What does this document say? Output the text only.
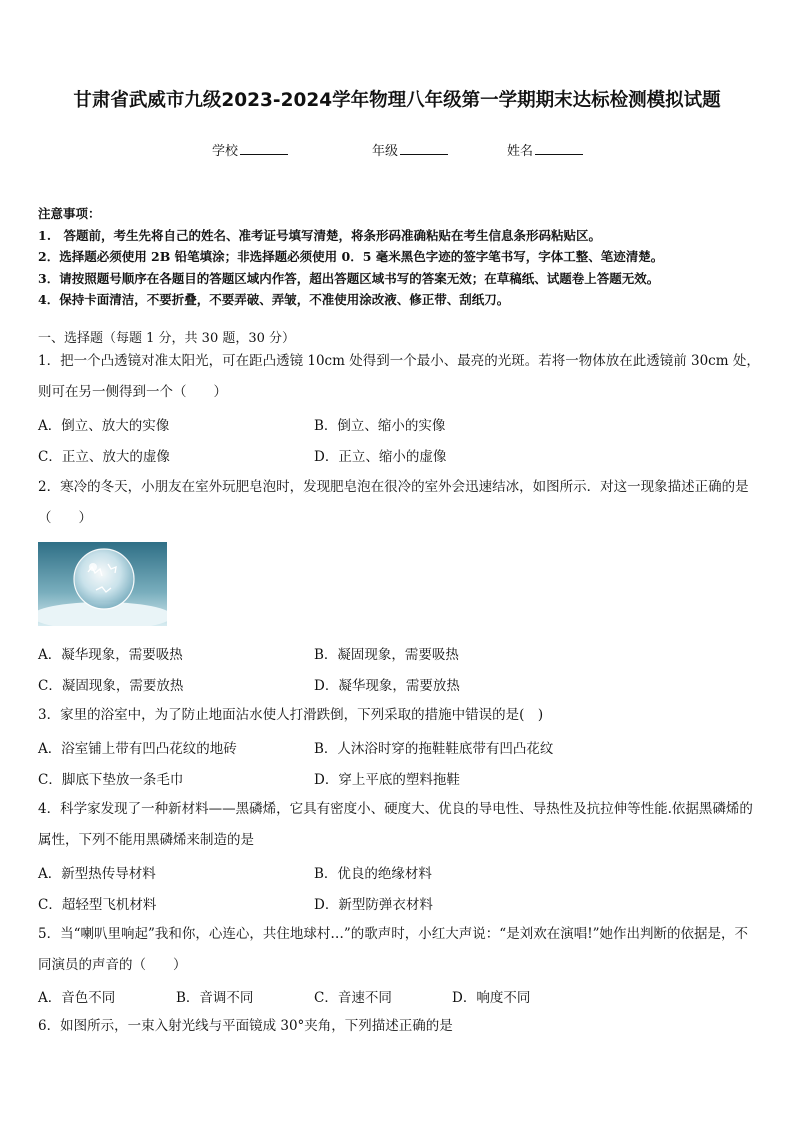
甘肃省武威市九级2023-2024学年物理八年级第一学期期末达标检测模拟试题
学校	年级	姓名
注意事项：
1.　答题前，考生先将自己的姓名、准考证号填写清楚，将条形码准确粘贴在考生信息条形码粘贴区。
2．选择题必须使用 2B 铅笔填涂；非选择题必须使用 0．5 毫米黑色字迹的签字笔书写，字体工整、笔迹清楚。
3．请按照题号顺序在各题目的答题区域内作答，超出答题区域书写的答案无效；在草稿纸、试题卷上答题无效。
4．保持卡面清洁，不要折叠，不要弄破、弄皱，不准使用涂改液、修正带、刮纸刀。
一、选择题（每题 1 分，共 30 题，30 分）
1．把一个凸透镜对准太阳光，可在距凸透镜 10cm 处得到一个最小、最亮的光斑。若将一物体放在此透镜前 30cm 处，则可在另一侧得到一个（　　）
A．倒立、放大的实像	B．倒立、缩小的实像
C．正立、放大的虚像	D．正立、缩小的虚像
2．寒冷的冬天，小朋友在室外玩肥皂泡时，发现肥皂泡在很冷的室外会迅速结冰，如图所示．对这一现象描述正确的是（　　）
A．凝华现象，需要吸热	B．凝固现象，需要吸热
C．凝固现象，需要放热	D．凝华现象，需要放热
3．家里的浴室中，为了防止地面沾水使人打滑跌倒，下列采取的措施中错误的是(　)
A．浴室铺上带有凹凸花纹的地砖	B．人沐浴时穿的拖鞋鞋底带有凹凸花纹
C．脚底下垫放一条毛巾	D．穿上平底的塑料拖鞋
4．科学家发现了一种新材料——黑磷烯，它具有密度小、硬度大、优良的导电性、导热性及抗拉伸等性能.依据黑磷烯的属性，下列不能用黑磷烯来制造的是
A．新型热传导材料	B．优良的绝缘材料
C．超轻型飞机材料	D．新型防弹衣材料
5．当“喇叭里响起”我和你，心连心，共住地球村…”的歌声时，小红大声说：“是刘欢在演唱!”她作出判断的依据是，不同演员的声音的（　　）
A．音色不同	B．音调不同	C．音速不同	D．响度不同
6．如图所示，一束入射光线与平面镜成 30°夹角，下列描述正确的是
